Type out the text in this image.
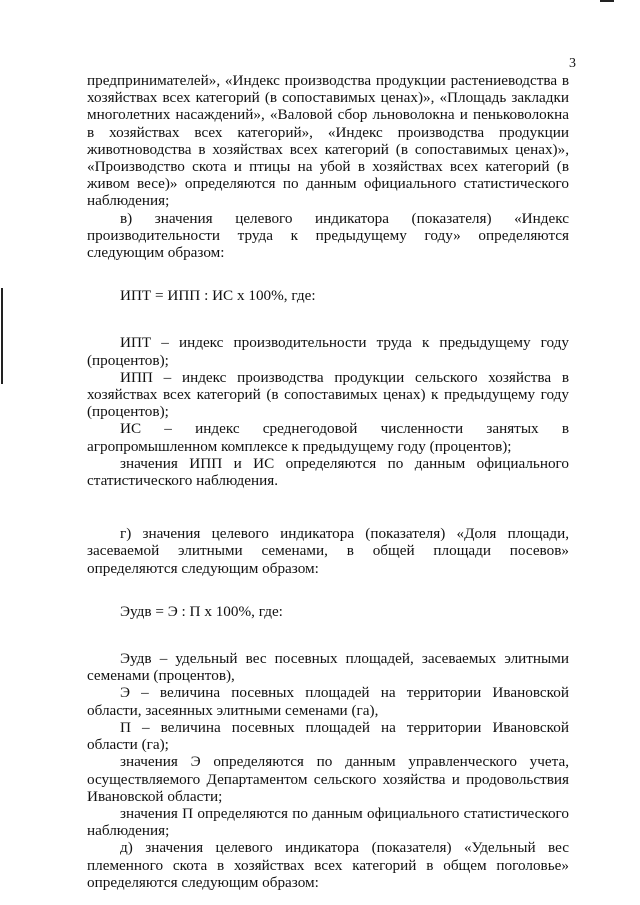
3

предпринимателей», «Индекс производства продукции растениеводства в хозяйствах всех категорий (в сопоставимых ценах)», «Площадь закладки многолетних насаждений», «Валовой сбор льноволокна и пеньковолокна в хозяйствах всех категорий», «Индекс производства продукции животноводства в хозяйствах всех категорий (в сопоставимых ценах)», «Производство скота и птицы на убой в хозяйствах всех категорий (в живом весе)» определяются по данным официального статистического наблюдения;

в) значения целевого индикатора (показателя) «Индекс производительности труда к предыдущему году» определяются следующим образом:

ИПТ = ИПП : ИС х 100%, где:

ИПТ – индекс производительности труда к предыдущему году (процентов);

ИПП – индекс производства продукции сельского хозяйства в хозяйствах всех категорий (в сопоставимых ценах) к предыдущему году (процентов);

ИС – индекс среднегодовой численности занятых в агропромышленном комплексе к предыдущему году (процентов);

значения ИПП и ИС определяются по данным официального статистического наблюдения.

г) значения целевого индикатора (показателя) «Доля площади, засеваемой элитными семенами, в общей площади посевов» определяются следующим образом:

Эудв = Э : П х 100%, где:

Эудв – удельный вес посевных площадей, засеваемых элитными семенами (процентов),

Э – величина посевных площадей на территории Ивановской области, засеянных элитными семенами (га),

П – величина посевных площадей на территории Ивановской области (га);

значения Э определяются по данным управленческого учета, осуществляемого Департаментом сельского хозяйства и продовольствия Ивановской области;

значения П определяются по данным официального статистического наблюдения;

д) значения целевого индикатора (показателя) «Удельный вес племенного скота в хозяйствах всех категорий в общем поголовье» определяются следующим образом:
